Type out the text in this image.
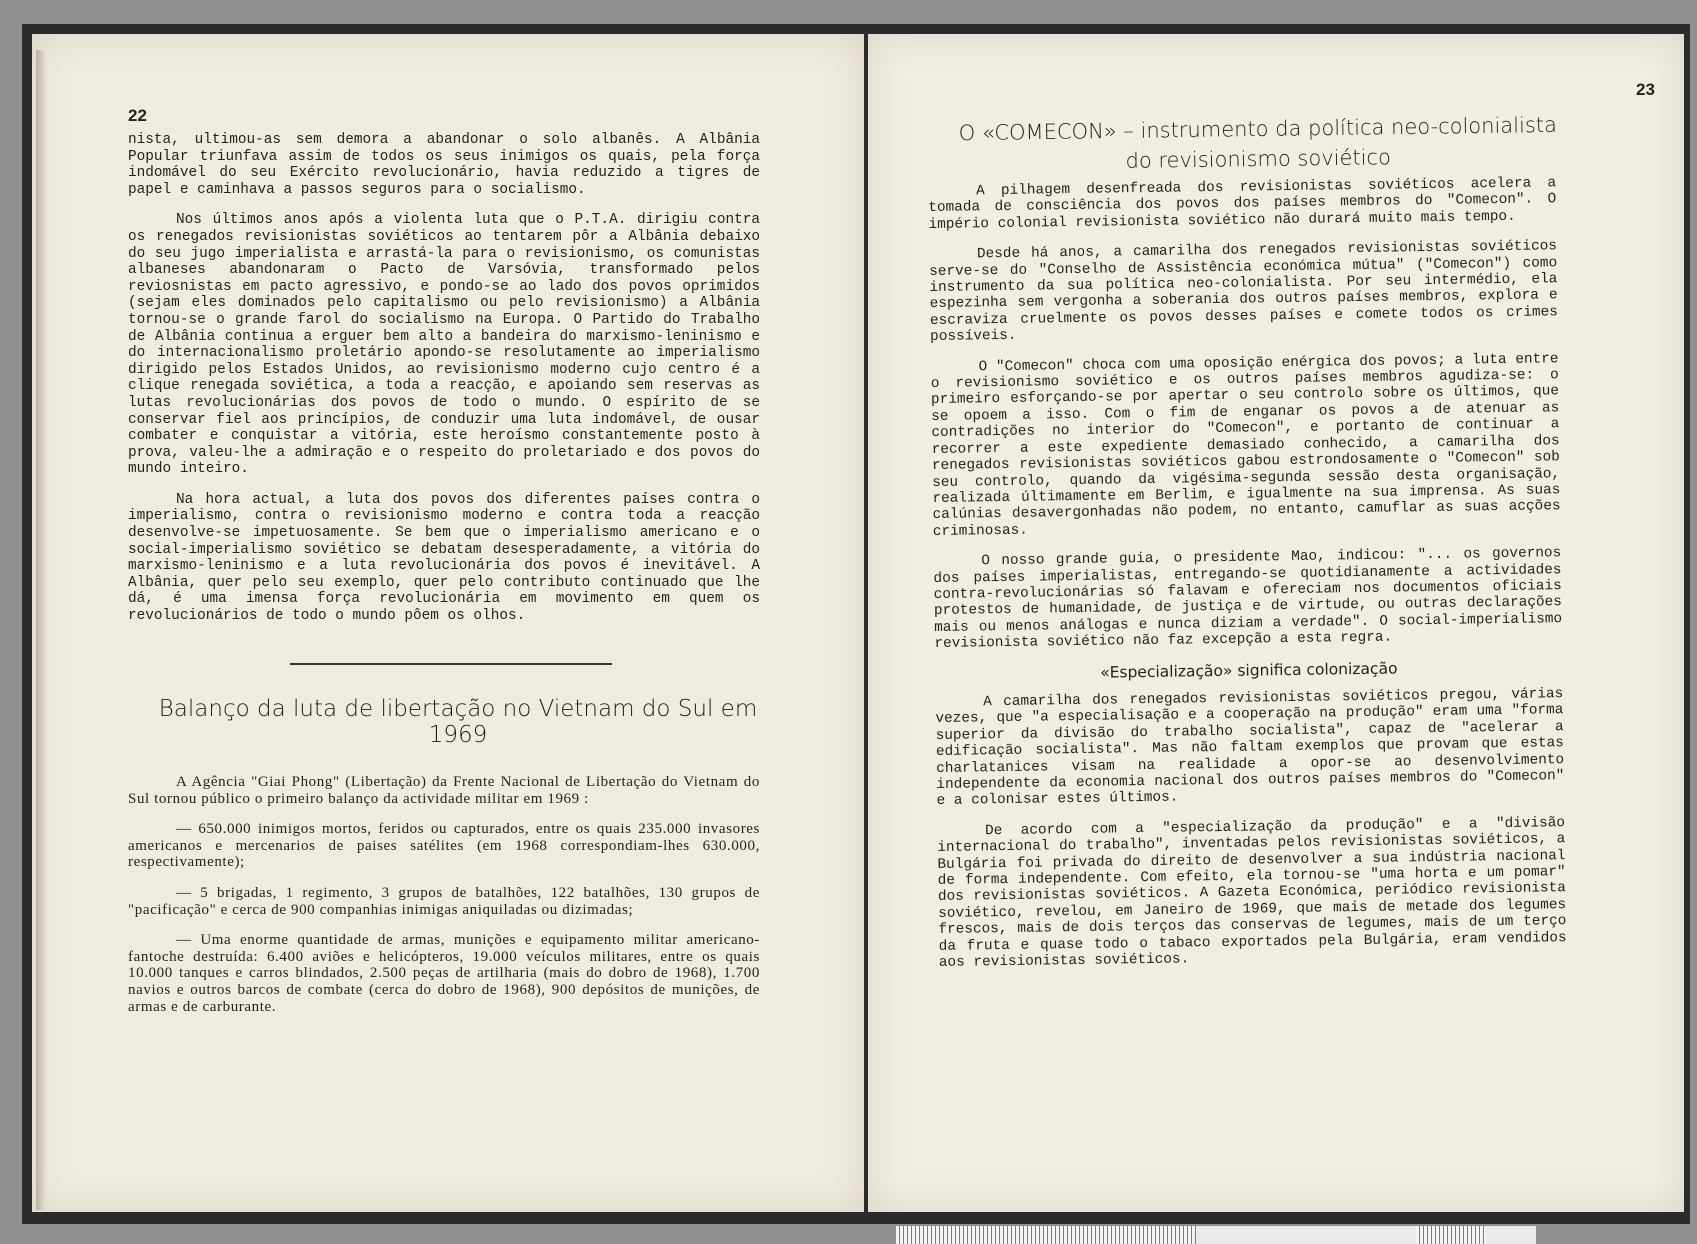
22

nista, ultimou-as sem demora a abandonar o solo albanês. A Albânia Popular triunfava assim de todos os seus inimigos os quais, pela força indomável do seu Exército revolucionário, havia reduzido a tigres de papel e caminhava a passos seguros para o socialismo.

Nos últimos anos após a violenta luta que o P.T.A. dirigiu contra os renegados revisionistas soviéticos ao tentarem pôr a Albânia debaixo do seu jugo imperialista e arrastá-la para o revisionismo, os comunistas albaneses abandonaram o Pacto de Varsóvia, transformado pelos reviosnistas em pacto agressivo, e pondo-se ao lado dos povos oprimidos (sejam eles dominados pelo capitalismo ou pelo revisionismo) a Albânia tornou-se o grande farol do socialismo na Europa. O Partido do Trabalho de Albânia continua a erguer bem alto a bandeira do marxismo-leninismo e do internacionalismo proletário apondo-se resolutamente ao imperialismo dirigido pelos Estados Unidos, ao revisionismo moderno cujo centro é a clique renegada soviética, a toda a reacção, e apoiando sem reservas as lutas revolucionárias dos povos de todo o mundo. O espírito de se conservar fiel aos princípios, de conduzir uma luta indomável, de ousar combater e conquistar a vitória, este heroísmo constantemente posto à prova, valeu-lhe a admiração e o respeito do proletariado e dos povos do mundo inteiro.

Na hora actual, a luta dos povos dos diferentes países contra o imperialismo, contra o revisionismo moderno e contra toda a reacção desenvolve-se impetuosamente. Se bem que o imperialismo americano e o social-imperialismo soviético se debatam desesperadamente, a vitória do marxismo-leninismo e a luta revolucionária dos povos é inevitável. A Albânia, quer pelo seu exemplo, quer pelo contributo continuado que lhe dá, é uma imensa força revolucionária em movimento em quem os revolucionários de todo o mundo pôem os olhos.

Balanço da luta de libertação no Vietnam do Sul em 1969

A Agência "Giai Phong" (Libertação) da Frente Nacional de Libertação do Vietnam do Sul tornou público o primeiro balanço da actividade militar em 1969 :

— 650.000 inimigos mortos, feridos ou capturados, entre os quais 235.000 invasores americanos e mercenarios de paises satélites (em 1968 correspondiam-lhes 630.000, respectivamente);

— 5 brigadas, 1 regimento, 3 grupos de batalhões, 122 batalhões, 130 grupos de "pacificação" e cerca de 900 companhias inimigas aniquiladas ou dizimadas;

— Uma enorme quantidade de armas, munições e equipamento militar americano-fantoche destruída: 6.400 aviões e helicópteros, 19.000 veículos militares, entre os quais 10.000 tanques e carros blindados, 2.500 peças de artilharia (mais do dobro de 1968), 1.700 navios e outros barcos de combate (cerca do dobro de 1968), 900 depósitos de munições, de armas e de carburante.

23
O «COMECON» – instrumento da política neo-colonialista
do revisionismo soviético

A pilhagem desenfreada dos revisionistas soviéticos acelera a tomada de consciência dos povos dos países membros do "Comecon". O império colonial revisionista soviético não durará muito mais tempo.

Desde há anos, a camarilha dos renegados revisionistas soviéticos serve-se do "Conselho de Assistência económica mútua" ("Comecon") como instrumento da sua política neo-colonialista. Por seu intermédio, ela espezinha sem vergonha a soberania dos outros países membros, explora e escraviza cruelmente os povos desses países e comete todos os crimes possíveis.

O "Comecon" choca com uma oposição enérgica dos povos; a luta entre o revisionismo soviético e os outros países membros agudiza-se: o primeiro esforçando-se por apertar o seu controlo sobre os últimos, que se opoem a isso. Com o fim de enganar os povos a de atenuar as contradições no interior do "Comecon", e portanto de continuar a recorrer a este expediente demasiado conhecido, a camarilha dos renegados revisionistas soviéticos gabou estrondosamente o "Comecon" sob seu controlo, quando da vigésima-segunda sessão desta organisação, realizada últimamente em Berlim, e igualmente na sua imprensa. As suas calúnias desavergonhadas não podem, no entanto, camuflar as suas acções criminosas.

O nosso grande guia, o presidente Mao, indicou: "... os governos dos países imperialistas, entregando-se quotidianamente a actividades contra-revolucionárias só falavam e ofereciam nos documentos oficiais protestos de humanidade, de justiça e de virtude, ou outras declarações mais ou menos análogas e nunca diziam a verdade". O social-imperialismo revisionista soviético não faz excepção a esta regra.

«Especialização» significa colonização

A camarilha dos renegados revisionistas soviéticos pregou, várias vezes, que "a especialisação e a cooperação na produção" eram uma "forma superior da divisão do trabalho socialista", capaz de "acelerar a edificação socialista". Mas não faltam exemplos que provam que estas charlatanices visam na realidade a opor-se ao desenvolvimento independente da economia nacional dos outros países membros do "Comecon" e a colonisar estes últimos.

De acordo com a "especialização da produção" e a "divisão internacional do trabalho", inventadas pelos revisionistas soviéticos, a Bulgária foi privada do direito de desenvolver a sua indústria nacional de forma independente. Com efeito, ela tornou-se "uma horta e um pomar" dos revisionistas soviéticos. A Gazeta Económica, periódico revisionista soviético, revelou, em Janeiro de 1969, que mais de metade dos legumes frescos, mais de dois terços das conservas de legumes, mais de um terço da fruta e quase todo o tabaco exportados pela Bulgária, eram vendidos aos revisionistas soviéticos.
